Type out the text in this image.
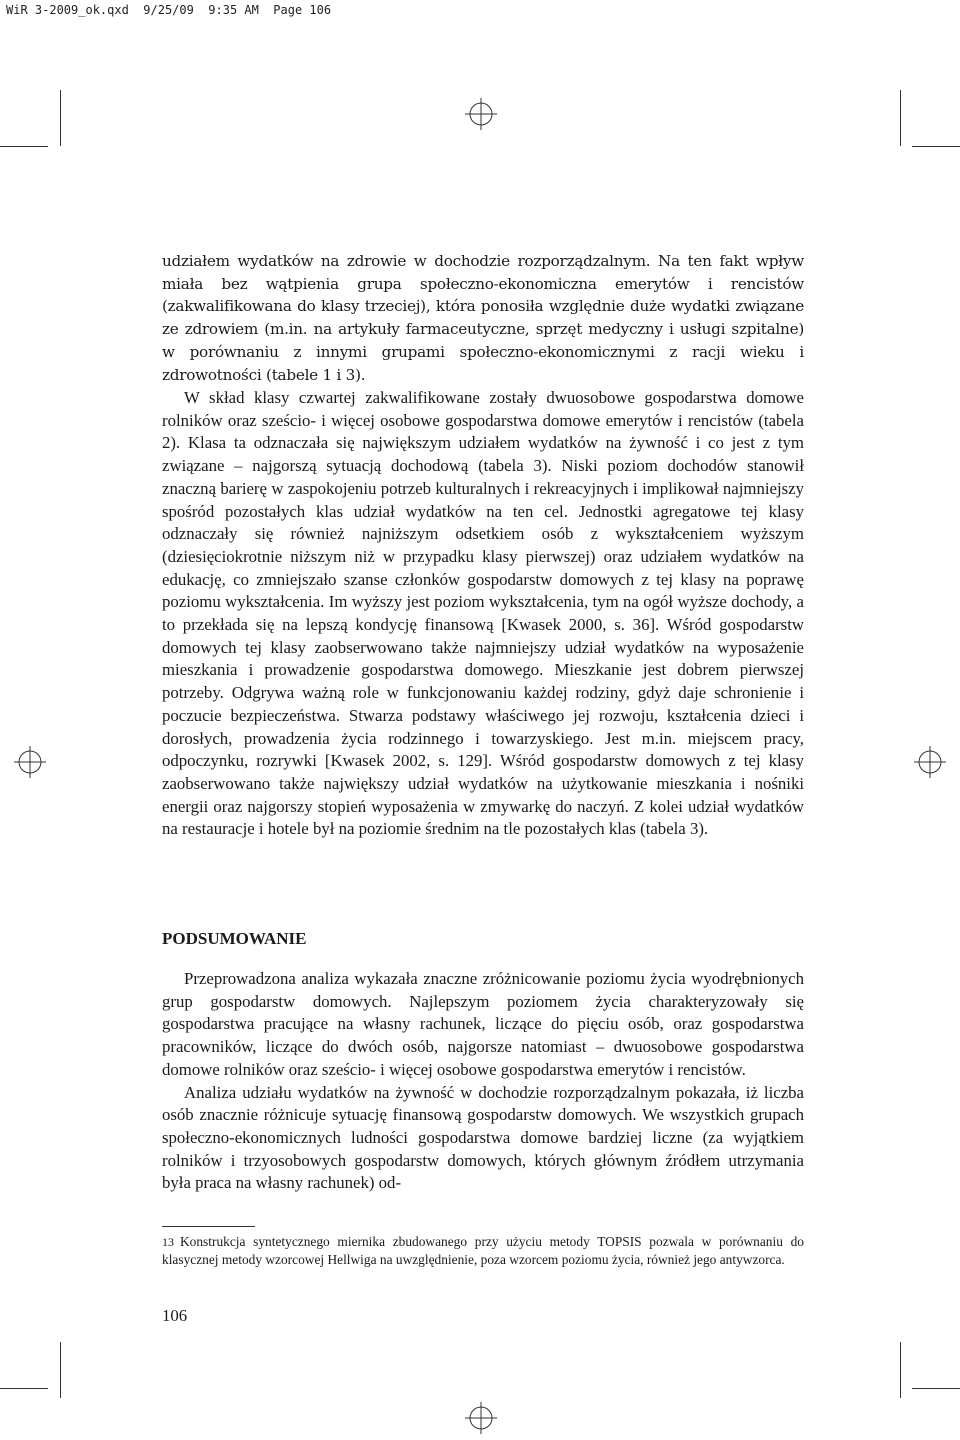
WiR 3-2009_ok.qxd  9/25/09  9:35 AM  Page 106

udziałem wydatków na zdrowie w dochodzie rozporządzalnym. Na ten fakt wpływ miała bez wątpienia grupa społeczno-ekonomiczna emerytów i rencistów (zakwalifikowana do klasy trzeciej), która ponosiła względnie duże wydatki związane ze zdrowiem (m.in. na artykuły farmaceutyczne, sprzęt medyczny i usługi szpitalne) w porównaniu z innymi grupami społeczno-ekonomicznymi z racji wieku i zdrowotności (tabele 1 i 3).

W skład klasy czwartej zakwalifikowane zostały dwuosobowe gospodarstwa domowe rolników oraz sześcio- i więcej osobowe gospodarstwa domowe emerytów i rencistów (tabela 2). Klasa ta odznaczała się największym udziałem wydatków na żywność i co jest z tym związane – najgorszą sytuacją dochodową (tabela 3). Niski poziom dochodów stanowił znaczną barierę w zaspokojeniu potrzeb kulturalnych i rekreacyjnych i implikował najmniejszy spośród pozostałych klas udział wydatków na ten cel. Jednostki agregatowe tej klasy odznaczały się również najniższym odsetkiem osób z wykształceniem wyższym (dziesięciokrotnie niższym niż w przypadku klasy pierwszej) oraz udziałem wydatków na edukację, co zmniejszało szanse członków gospodarstw domowych z tej klasy na poprawę poziomu wykształcenia. Im wyższy jest poziom wykształcenia, tym na ogół wyższe dochody, a to przekłada się na lepszą kondycję finansową [Kwasek 2000, s. 36]. Wśród gospodarstw domowych tej klasy zaobserwowano także najmniejszy udział wydatków na wyposażenie mieszkania i prowadzenie gospodarstwa domowego. Mieszkanie jest dobrem pierwszej potrzeby. Odgrywa ważną role w funkcjonowaniu każdej rodziny, gdyż daje schronienie i poczucie bezpieczeństwa. Stwarza podstawy właściwego jej rozwoju, kształcenia dzieci i dorosłych, prowadzenia życia rodzinnego i towarzyskiego. Jest m.in. miejscem pracy, odpoczynku, rozrywki [Kwasek 2002, s. 129]. Wśród gospodarstw domowych z tej klasy zaobserwowano także największy udział wydatków na użytkowanie mieszkania i nośniki energii oraz najgorszy stopień wyposażenia w zmywarkę do naczyń. Z kolei udział wydatków na restauracje i hotele był na poziomie średnim na tle pozostałych klas (tabela 3).

PODSUMOWANIE

Przeprowadzona analiza wykazała znaczne zróżnicowanie poziomu życia wyodrębnionych grup gospodarstw domowych. Najlepszym poziomem życia charakteryzowały się gospodarstwa pracujące na własny rachunek, liczące do pięciu osób, oraz gospodarstwa pracowników, liczące do dwóch osób, najgorsze natomiast – dwuosobowe gospodarstwa domowe rolników oraz sześcio- i więcej osobowe gospodarstwa emerytów i rencistów.

Analiza udziału wydatków na żywność w dochodzie rozporządzalnym pokazała, iż liczba osób znacznie różnicuje sytuację finansową gospodarstw domowych. We wszystkich grupach społeczno-ekonomicznych ludności gospodarstwa domowe bardziej liczne (za wyjątkiem rolników i trzyosobowych gospodarstw domowych, których głównym źródłem utrzymania była praca na własny rachunek) od-

13 Konstrukcja syntetycznego miernika zbudowanego przy użyciu metody TOPSIS pozwala w porównaniu do klasycznej metody wzorcowej Hellwiga na uwzględnienie, poza wzorcem poziomu życia, również jego antywzorca.
106
